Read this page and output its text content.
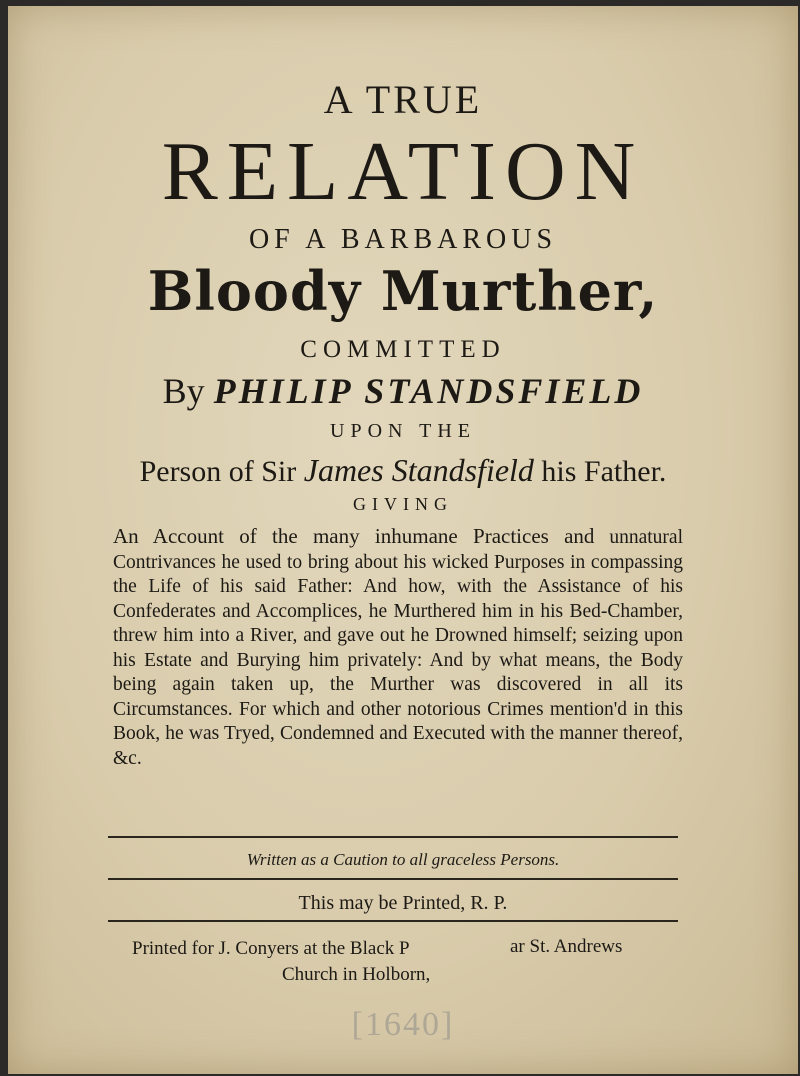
A TRUE
RELATION
OF A BARBAROUS
Bloody Murther,
COMMITTED
By PHILIP STANDSFIELD
UPON THE
Person of Sir James Standsfield his Father.
GIVING
An Account of the many inhumane Practices and unnatural Contrivances he used to bring about his wicked Purposes in compassing the Life of his said Father: And how, with the Assistance of his Confederates and Accomplices, he Murthered him in his Bed-Chamber, threw him into a River, and gave out he Drowned himself; seizing upon his Estate and Burying him privately: And by what means, the Body being again taken up, the Murther was discovered in all its Circumstances. For which and other notorious Crimes mention'd in this Book, he was Tryed, Condemned and Executed with the manner thereof, &c.
Written as a Caution to all graceless Persons.
This may be Printed, R. P.
Printed for J. Conyers at the Black P
Church in Holborn,
ar St. Andrews
[1640]
